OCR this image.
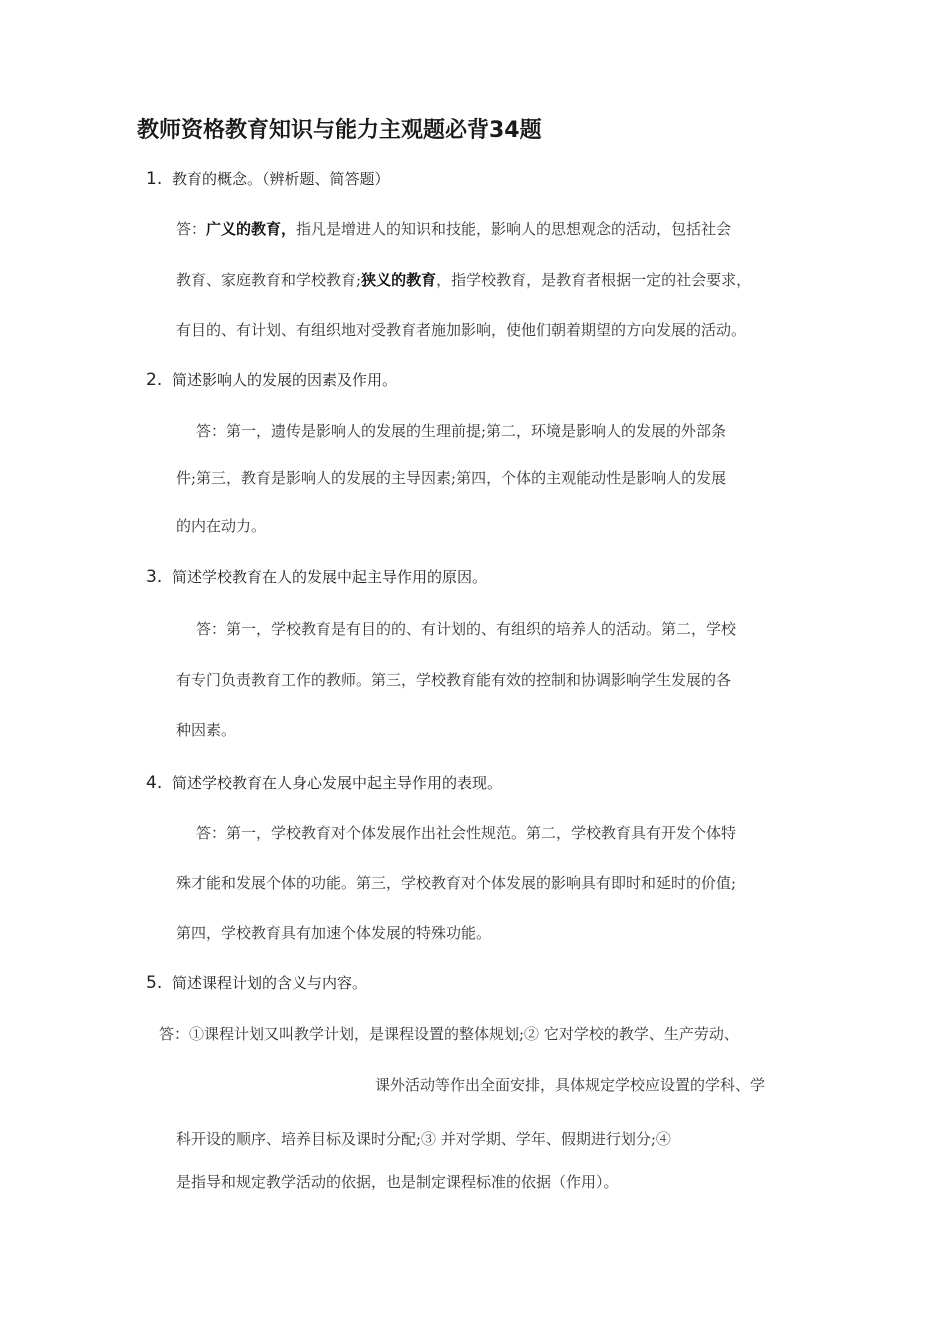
教师资格教育知识与能力主观题必背34题
1. 教育的概念。（辨析题、简答题）
答：广义的教育，指凡是增进人的知识和技能，影响人的思想观念的活动，包括社会
教育、家庭教育和学校教育;狭义的教育，指学校教育，是教育者根据一定的社会要求，
有目的、有计划、有组织地对受教育者施加影响，使他们朝着期望的方向发展的活动。
2. 简述影响人的发展的因素及作用。
答：第一，遗传是影响人的发展的生理前提;第二，环境是影响人的发展的外部条
件;第三，教育是影响人的发展的主导因素;第四，个体的主观能动性是影响人的发展
的内在动力。
3. 简述学校教育在人的发展中起主导作用的原因。
答：第一，学校教育是有目的的、有计划的、有组织的培养人的活动。第二，学校
有专门负责教育工作的教师。第三，学校教育能有效的控制和协调影响学生发展的各
种因素。
4. 简述学校教育在人身心发展中起主导作用的表现。
答：第一，学校教育对个体发展作出社会性规范。第二，学校教育具有开发个体特
殊才能和发展个体的功能。第三，学校教育对个体发展的影响具有即时和延时的价值;
第四，学校教育具有加速个体发展的特殊功能。
5. 简述课程计划的含义与内容。
答：①课程计划又叫教学计划，是课程设置的整体规划;② 它对学校的教学、生产劳动、
课外活动等作出全面安排，具体规定学校应设置的学科、学
科开设的顺序、培养目标及课时分配;③ 并对学期、学年、假期进行划分;④
是指导和规定教学活动的依据，也是制定课程标准的依据（作用）。
